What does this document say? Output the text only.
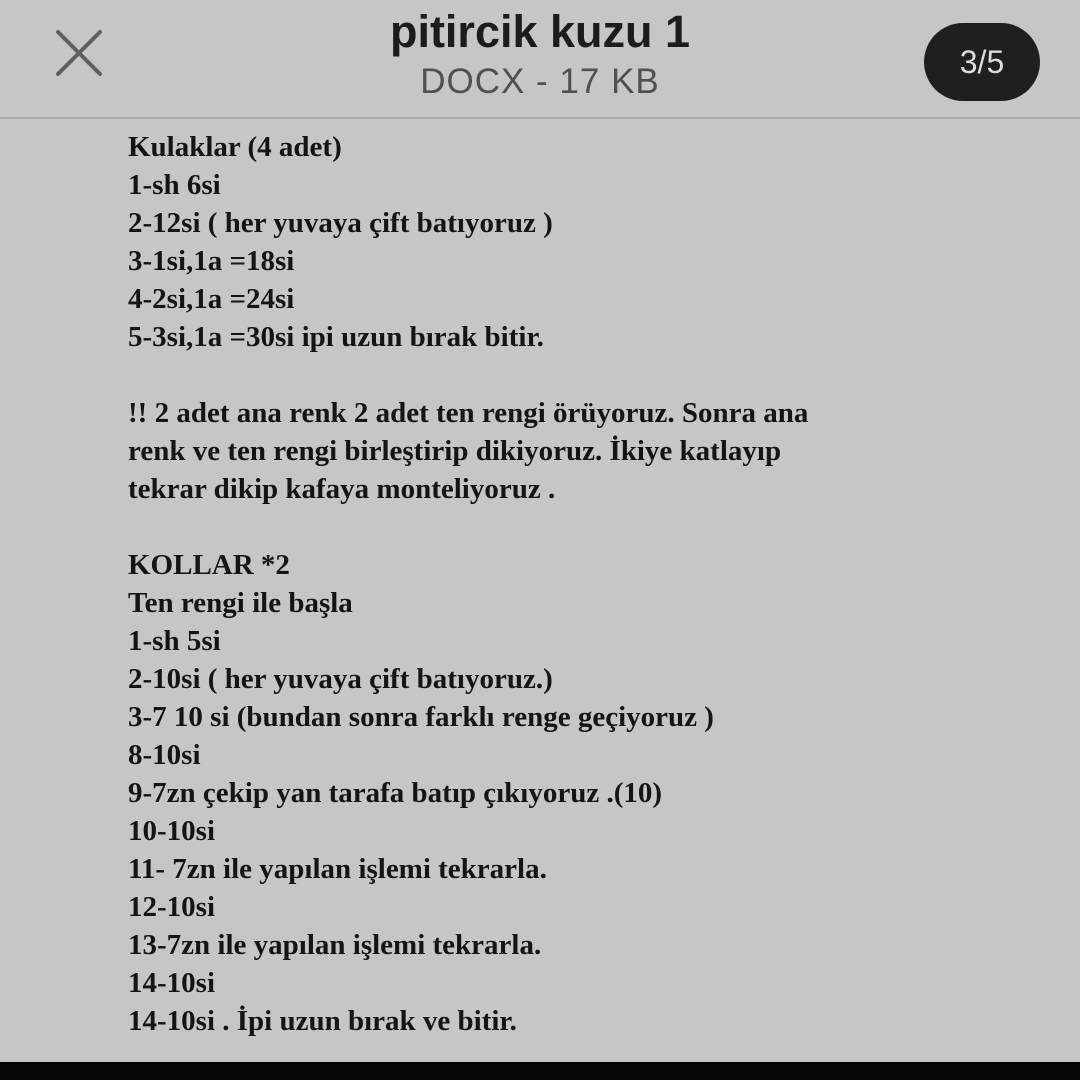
pitircik kuzu 1
DOCX - 17 KB	3/5
Kulaklar (4 adet)
1-sh 6si
2-12si ( her yuvaya çift batıyoruz )
3-1si,1a =18si
4-2si,1a =24si
5-3si,1a =30si ipi uzun bırak bitir.
!! 2 adet ana renk 2 adet ten rengi örüyoruz. Sonra ana
renk ve ten rengi birleştirip dikiyoruz. İkiye katlayıp
tekrar dikip kafaya monteliyoruz .
KOLLAR *2
Ten rengi ile başla
1-sh 5si
2-10si ( her yuvaya çift batıyoruz.)
3-7 10 si (bundan sonra farklı renge geçiyoruz )
8-10si
9-7zn çekip yan tarafa batıp çıkıyoruz .(10)
10-10si
11- 7zn ile yapılan işlemi tekrarla.
12-10si
13-7zn ile yapılan işlemi tekrarla.
14-10si
14-10si . İpi uzun bırak ve bitir.
